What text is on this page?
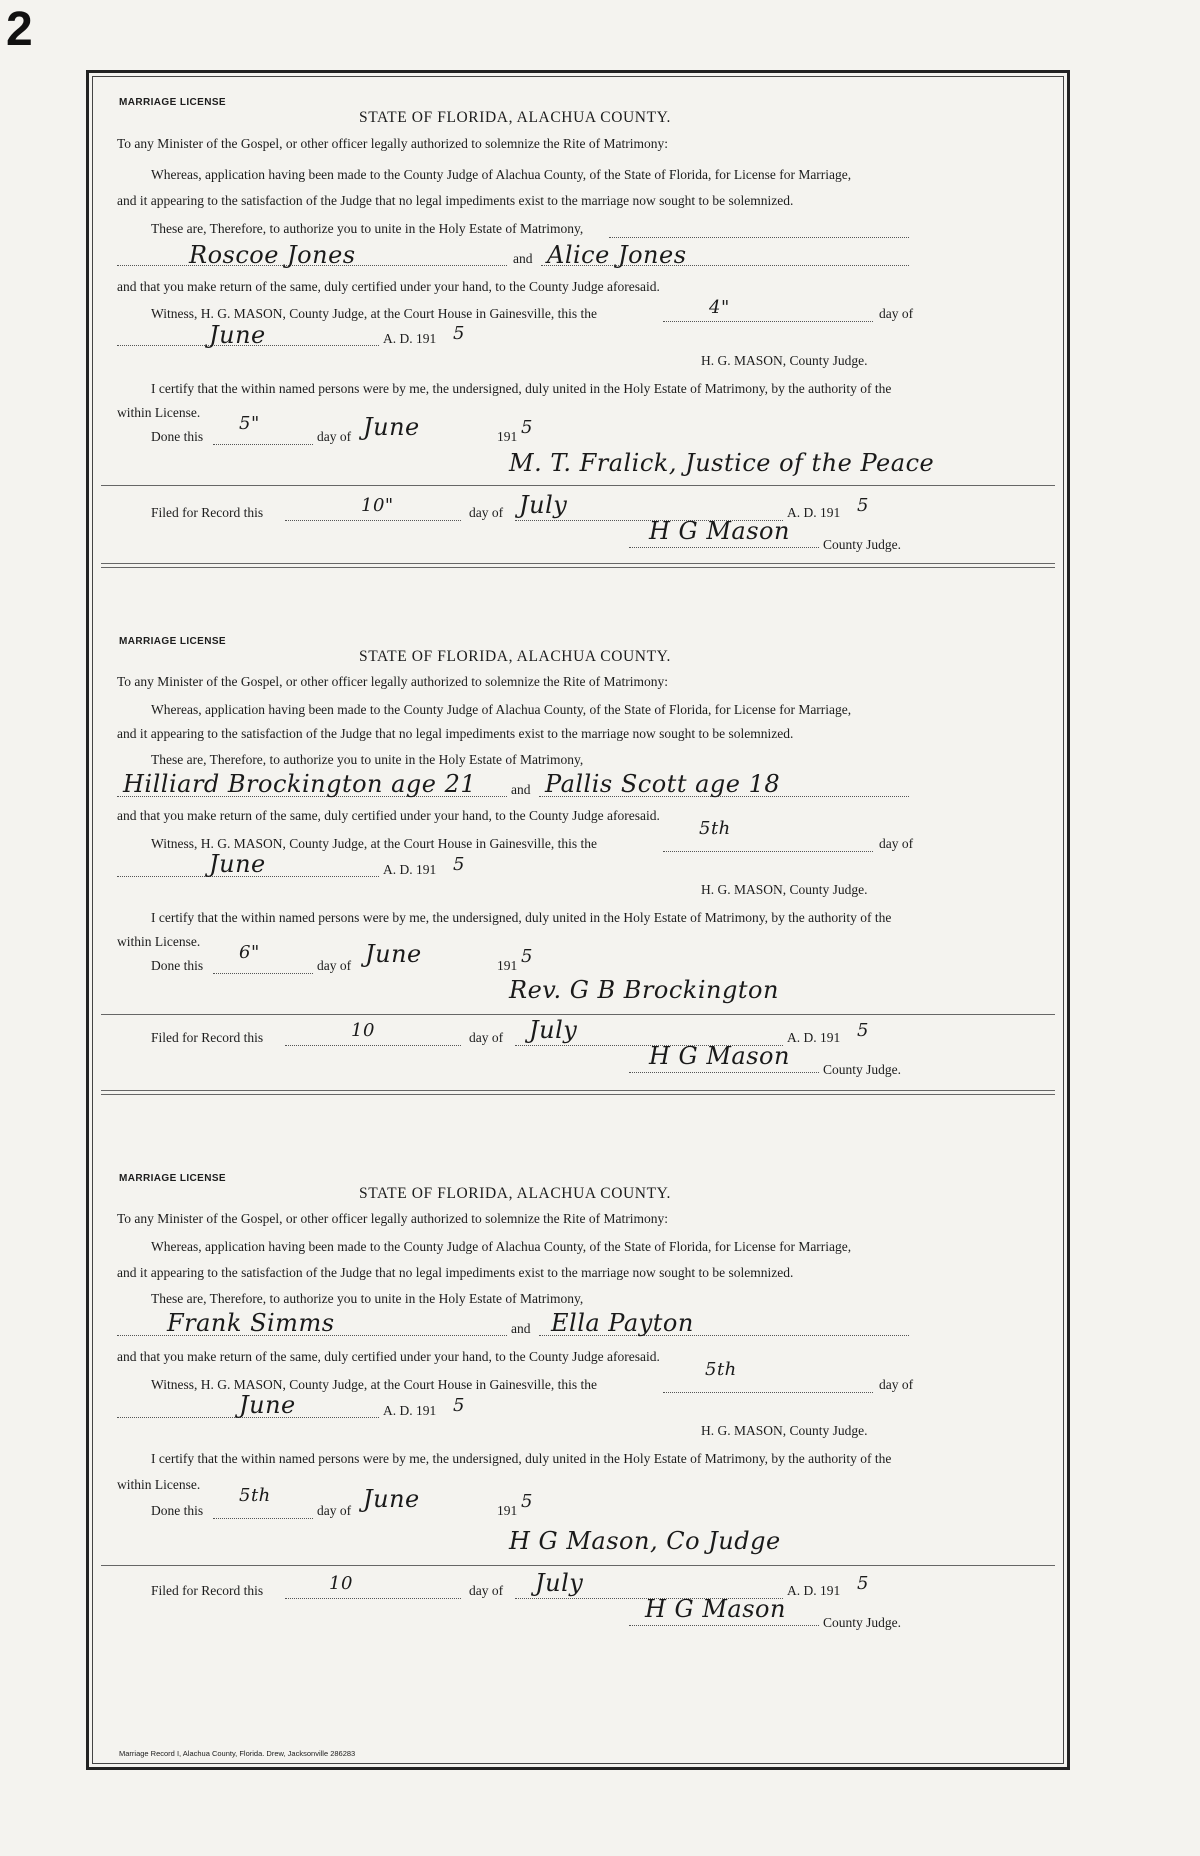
2
MARRIAGE LICENSE
STATE OF FLORIDA, ALACHUA COUNTY.
To any Minister of the Gospel, or other officer legally authorized to solemnize the Rite of Matrimony:
Whereas, application having been made to the County Judge of Alachua County, of the State of Florida, for License for Marriage,
and it appearing to the satisfaction of the Judge that no legal impediments exist to the marriage now sought to be solemnized.
These are, Therefore, to authorize you to unite in the Holy Estate of Matrimony,
Roscoe Jones	and Alice Jones
and that you make return of the same, duly certified under your hand, to the County Judge aforesaid.
Witness, H. G. MASON, County Judge, at the Court House in Gainesville, this the	4"	day of
June	A. D. 191 5
H. G. MASON, County Judge.
I certify that the within named persons were by me, the undersigned, duly united in the Holy Estate of Matrimony, by the authority of the
within License.
Done this
5"
day of June	191 5
M. T. Fralick, Justice of the Peace
Filed for Record this	10"	day of July	A. D. 191 5
H G Mason County Judge.
MARRIAGE LICENSE
STATE OF FLORIDA, ALACHUA COUNTY.
To any Minister of the Gospel, or other officer legally authorized to solemnize the Rite of Matrimony:
Whereas, application having been made to the County Judge of Alachua County, of the State of Florida, for License for Marriage,
and it appearing to the satisfaction of the Judge that no legal impediments exist to the marriage now sought to be solemnized.
These are, Therefore, to authorize you to unite in the Holy Estate of Matrimony,
Hilliard Brockington age 21	and Pallis Scott age 18
and that you make return of the same, duly certified under your hand, to the County Judge aforesaid.
Witness, H. G. MASON, County Judge, at the Court House in Gainesville, this the
5th
day of
June	A. D. 191 5
H. G. MASON, County Judge.
I certify that the within named persons were by me, the undersigned, duly united in the Holy Estate of Matrimony, by the authority of the
within License.
Done this
6"
day of June	191 5
Rev. G B Brockington
Filed for Record this	10	day of July	A. D. 191 5
H G Mason County Judge.
MARRIAGE LICENSE
STATE OF FLORIDA, ALACHUA COUNTY.
To any Minister of the Gospel, or other officer legally authorized to solemnize the Rite of Matrimony:
Whereas, application having been made to the County Judge of Alachua County, of the State of Florida, for License for Marriage,
and it appearing to the satisfaction of the Judge that no legal impediments exist to the marriage now sought to be solemnized.
These are, Therefore, to authorize you to unite in the Holy Estate of Matrimony,
Frank Simms	and Ella Payton
and that you make return of the same, duly certified under your hand, to the County Judge aforesaid.
Witness, H. G. MASON, County Judge, at the Court House in Gainesville, this the
5th
day of
June	A. D. 191 5
H. G. MASON, County Judge.
I certify that the within named persons were by me, the undersigned, duly united in the Holy Estate of Matrimony, by the authority of the
within License.
Done this
5th
day of June	191 5
H G Mason, Co Judge
Filed for Record this	10	day of July	A. D. 191 5
H G Mason	County Judge.
Marriage Record I, Alachua County, Florida. Drew, Jacksonville 286283
